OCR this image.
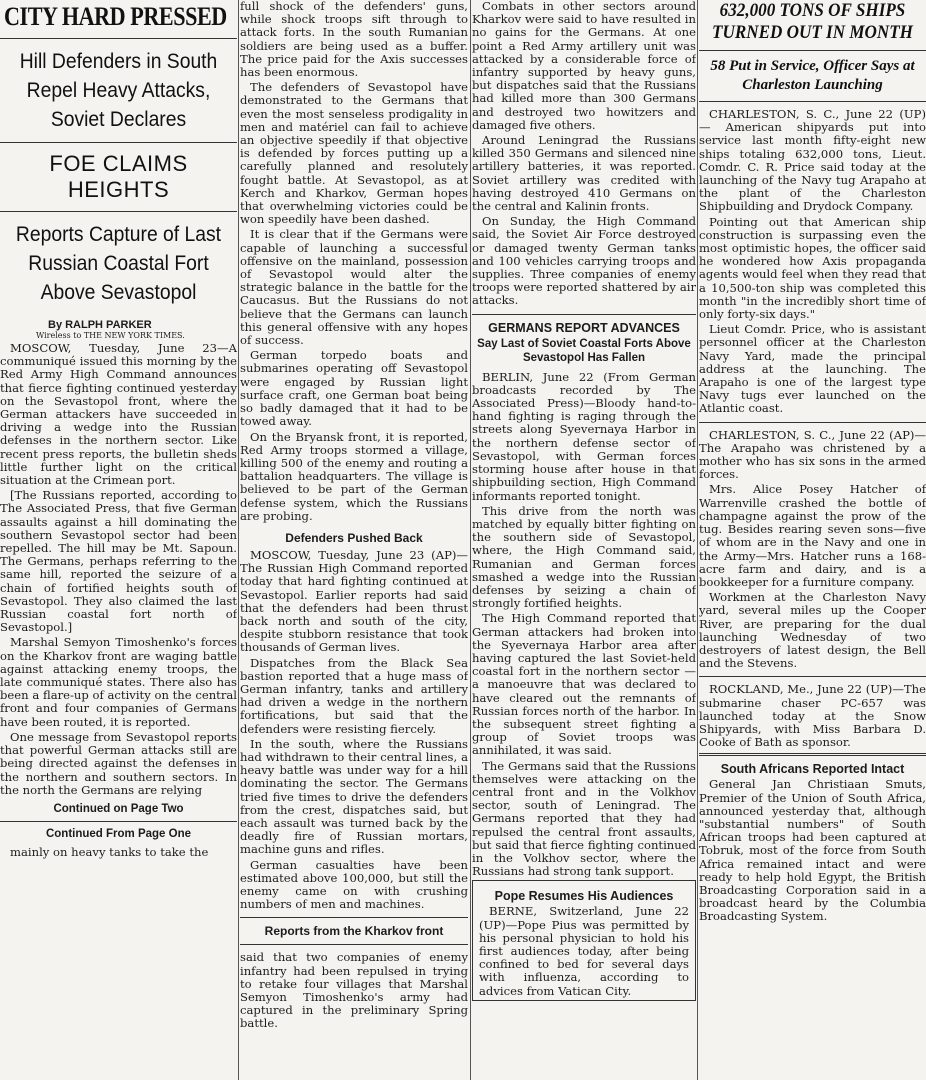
CITY HARD PRESSED
Hill Defenders in South Repel Heavy Attacks, Soviet Declares
FOE CLAIMS HEIGHTS
Reports Capture of Last Russian Coastal Fort Above Sevastopol
By RALPH PARKER
Wireless to THE NEW YORK TIMES.

MOSCOW, Tuesday, June 23—A communiqué issued this morning by the Red Army High Command announces that fierce fighting continued yesterday on the Sevastopol front, where the German attackers have succeeded in driving a wedge into the Russian defenses in the northern sector. Like recent press reports, the bulletin sheds little further light on the critical situation at the Crimean port.

[The Russians reported, according to The Associated Press, that five German assaults against a hill dominating the southern Sevastopol sector had been repelled. The hill may be Mt. Sapoun. The Germans, perhaps referring to the same hill, reported the seizure of a chain of fortified heights south of Sevastopol. They also claimed the last Russian coastal fort north of Sevastopol.]

Marshal Semyon Timoshenko's forces on the Kharkov front are waging battle against attacking enemy troops, the late communiqué states. There also has been a flare-up of activity on the central front and four companies of Germans have been routed, it is reported.

One message from Sevastopol reports that powerful German attacks still are being directed against the defenses in the northern and southern sectors. In the north the Germans are relying

Continued on Page Two
Continued From Page One

mainly on heavy tanks to take the

full shock of the defenders' guns, while shock troops sift through to attack forts. In the south Rumanian soldiers are being used as a buffer. The price paid for the Axis successes has been enormous.

The defenders of Sevastopol have demonstrated to the Germans that even the most senseless prodigality in men and matériel can fail to achieve an objective speedily if that objective is defended by forces putting up a carefully planned and resolutely fought battle. At Sevastopol, as at Kerch and Kharkov, German hopes that overwhelming victories could be won speedily have been dashed.

It is clear that if the Germans were capable of launching a successful offensive on the mainland, possession of Sevastopol would alter the strategic balance in the battle for the Caucasus. But the Russians do not believe that the Germans can launch this general offensive with any hopes of success.

German torpedo boats and submarines operating off Sevastopol were engaged by Russian light surface craft, one German boat being so badly damaged that it had to be towed away.

On the Bryansk front, it is reported, Red Army troops stormed a village, killing 500 of the enemy and routing a battalion headquarters. The village is believed to be part of the German defense system, which the Russians are probing.

Defenders Pushed Back

MOSCOW, Tuesday, June 23 (AP)—The Russian High Command reported today that hard fighting continued at Sevastopol. Earlier reports had said that the defenders had been thrust back north and south of the city, despite stubborn resistance that took thousands of German lives.

Dispatches from the Black Sea bastion reported that a huge mass of German infantry, tanks and artillery had driven a wedge in the northern fortifications, but said that the defenders were resisting fiercely.

In the south, where the Russians had withdrawn to their central lines, a heavy battle was under way for a hill dominating the sector. The Germans tried five times to drive the defenders from the crest, dispatches said, but each assault was turned back by the deadly fire of Russian mortars, machine guns and rifles.

German casualties have been estimated above 100,000, but still the enemy came on with crushing numbers of men and machines.

Reports from the Kharkov front

said that two companies of enemy infantry had been repulsed in trying to retake four villages that Marshal Semyon Timoshenko's army had captured in the preliminary Spring battle.

Combats in other sectors around Kharkov were said to have resulted in no gains for the Germans. At one point a Red Army artillery unit was attacked by a considerable force of infantry supported by heavy guns, but dispatches said that the Russians had killed more than 300 Germans and destroyed two howitzers and damaged five others.

Around Leningrad the Russians killed 350 Germans and silenced nine artillery batteries, it was reported. Soviet artillery was credited with having destroyed 410 Germans on the central and Kalinin fronts.

On Sunday, the High Command said, the Soviet Air Force destroyed or damaged twenty German tanks and 100 vehicles carrying troops and supplies. Three companies of enemy troops were reported shattered by air attacks.

GERMANS REPORT ADVANCES
Say Last of Soviet Coastal Forts Above Sevastopol Has Fallen

BERLIN, June 22 (From German broadcasts recorded by The Associated Press)—Bloody hand-to-hand fighting is raging through the streets along Syevernaya Harbor in the northern defense sector of Sevastopol, with German forces storming house after house in that shipbuilding section, High Command informants reported tonight.

This drive from the north was matched by equally bitter fighting on the southern side of Sevastopol, where, the High Command said, Rumanian and German forces smashed a wedge into the Russian defenses by seizing a chain of strongly fortified heights.

The High Command reported that German attackers had broken into the Syevernaya Harbor area after having captured the last Soviet-held coastal fort in the northern sector — a manoeuvre that was declared to have cleared out the remnants of Russian forces north of the harbor. In the subsequent street fighting a group of Soviet troops was annihilated, it was said.

The Germans said that the Russions themselves were attacking on the central front and in the Volkhov sector, south of Leningrad. The Germans reported that they had repulsed the central front assaults, but said that fierce fighting continued in the Volkhov sector, where the Russians had strong tank support.

Pope Resumes His Audiences

BERNE, Switzerland, June 22 (UP)—Pope Pius was permitted by his personal physician to hold his first audiences today, after being confined to bed for several days with influenza, according to advices from Vatican City.

632,000 TONS OF SHIPS TURNED OUT IN MONTH
58 Put in Service, Officer Says at Charleston Launching

CHARLESTON, S. C., June 22 (UP) — American shipyards put into service last month fifty-eight new ships totaling 632,000 tons, Lieut. Comdr. C. R. Price said today at the launching of the Navy tug Arapaho at the plant of the Charleston Shipbuilding and Drydock Company.

Pointing out that American ship construction is surpassing even the most optimistic hopes, the officer said he wondered how Axis propaganda agents would feel when they read that a 10,500-ton ship was completed this month "in the incredibly short time of only forty-six days."

Lieut Comdr. Price, who is assistant personnel officer at the Charleston Navy Yard, made the principal address at the launching. The Arapaho is one of the largest type Navy tugs ever launched on the Atlantic coast.

CHARLESTON, S. C., June 22 (AP)—The Arapaho was christened by a mother who has six sons in the armed forces.

Mrs. Alice Posey Hatcher of Warrenville crashed the bottle of champagne against the prow of the tug. Besides rearing seven sons—five of whom are in the Navy and one in the Army—Mrs. Hatcher runs a 168-acre farm and dairy, and is a bookkeeper for a furniture company.

Workmen at the Charleston Navy yard, several miles up the Cooper River, are preparing for the dual launching Wednesday of two destroyers of latest design, the Bell and the Stevens.

ROCKLAND, Me., June 22 (UP)—The submarine chaser PC-657 was launched today at the Snow Shipyards, with Miss Barbara D. Cooke of Bath as sponsor.

South Africans Reported Intact

General Jan Christiaan Smuts, Premier of the Union of South Africa, announced yesterday that, although "substantial numbers" of South African troops had been captured at Tobruk, most of the force from South Africa remained intact and were ready to help hold Egypt, the British Broadcasting Corporation said in a broadcast heard by the Columbia Broadcasting System.
